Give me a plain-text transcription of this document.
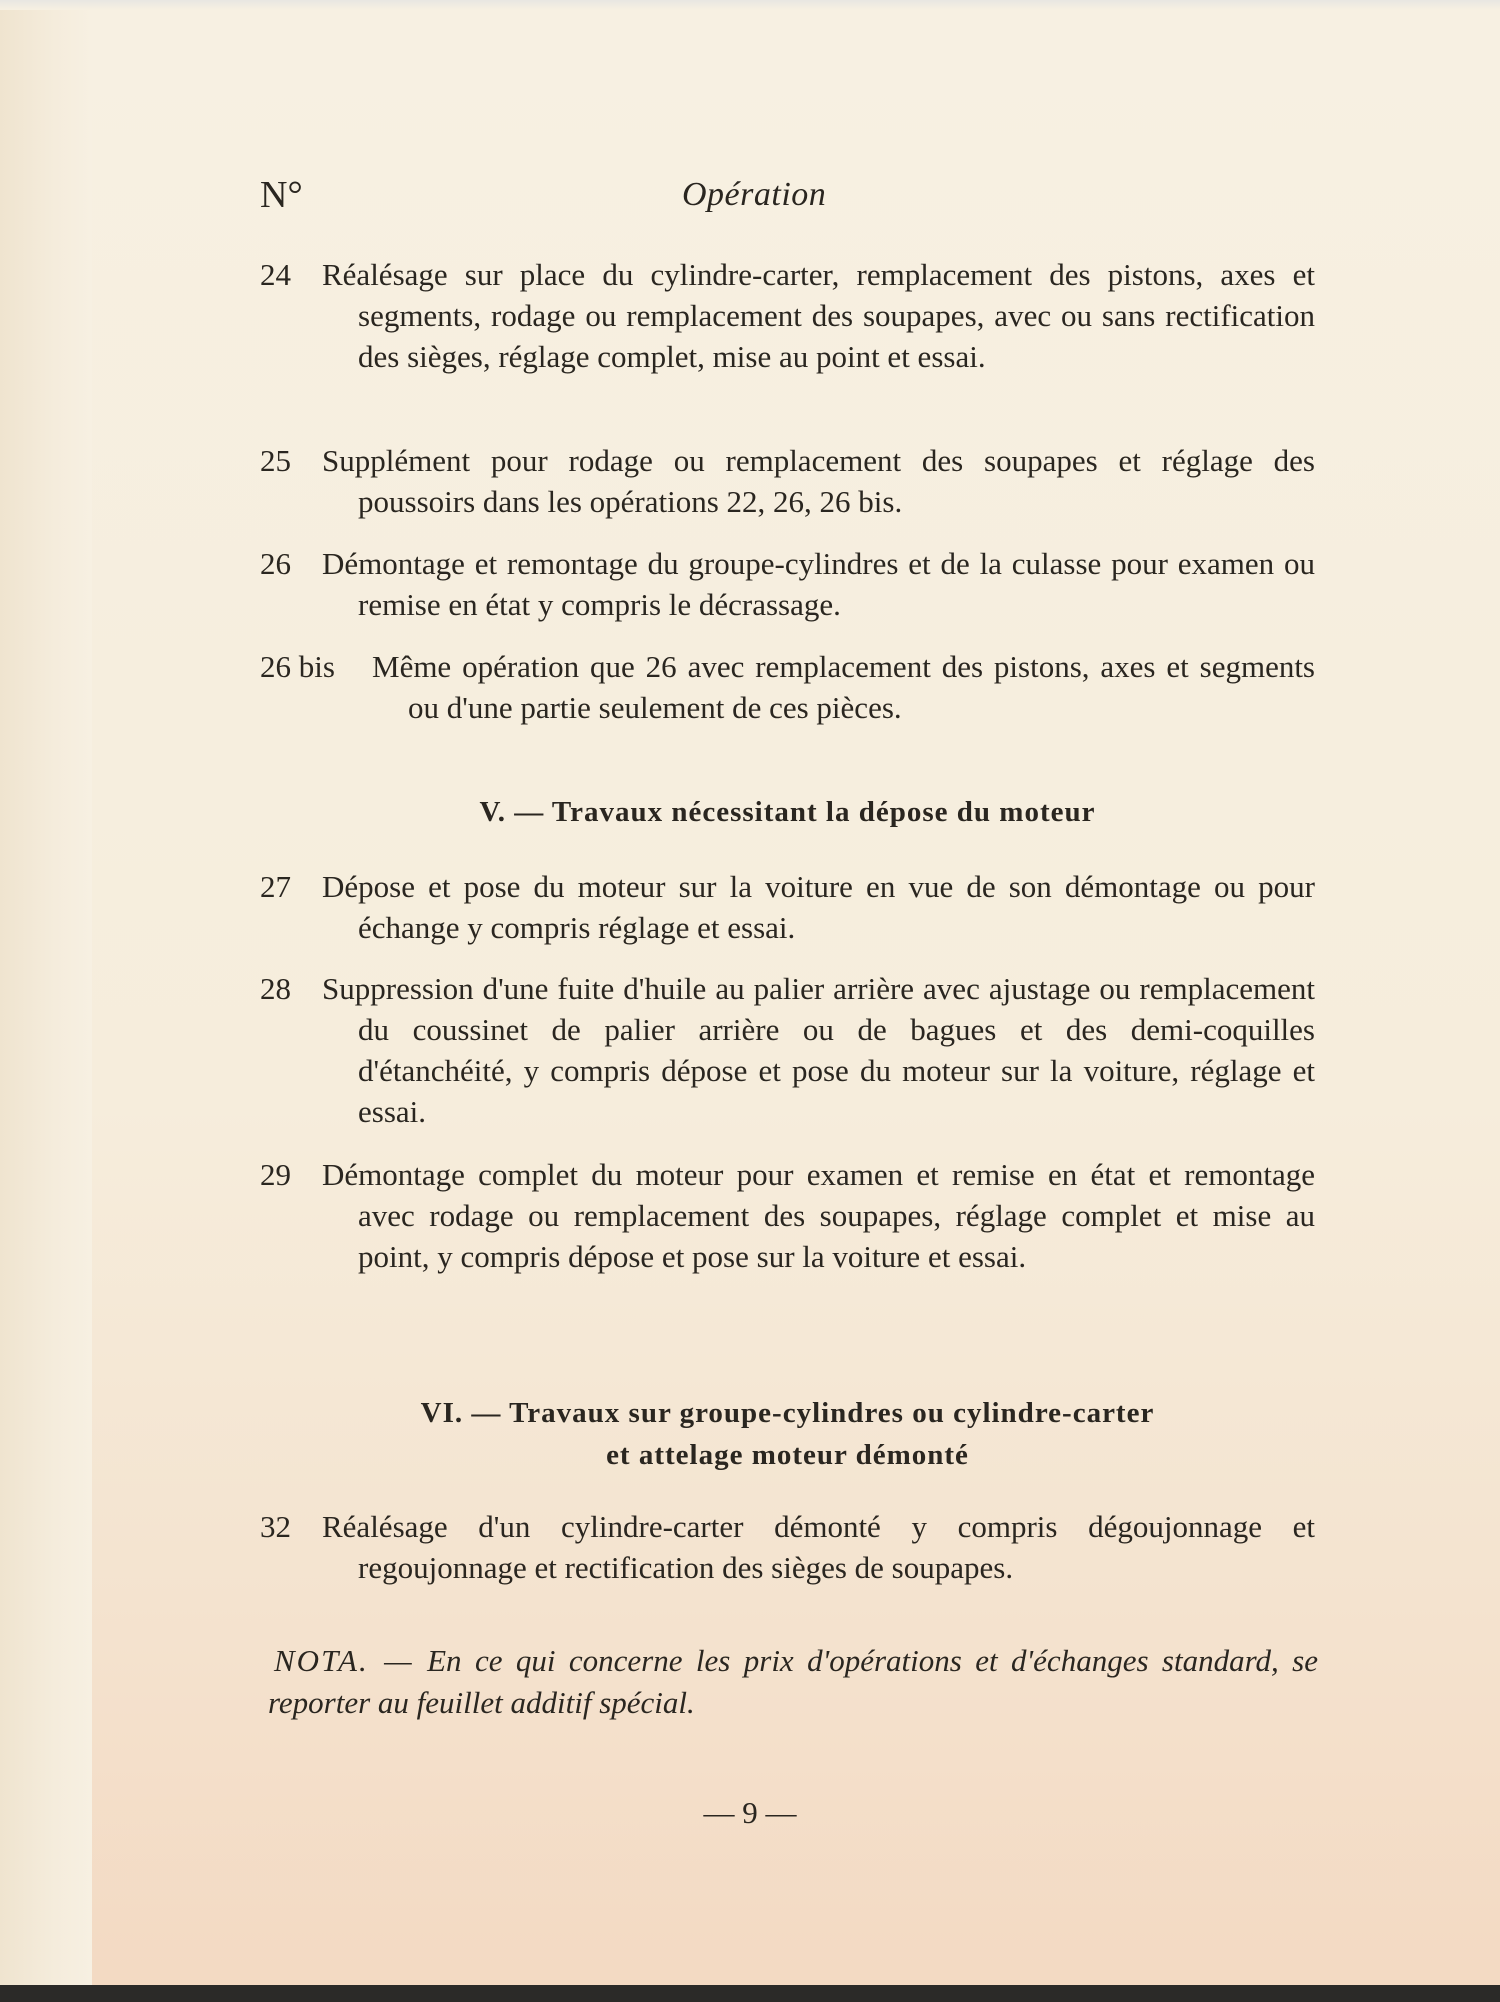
N°	Opération
24	Réalésage sur place du cylindre-carter, remplacement des pistons, axes et segments, rodage ou remplacement des soupapes, avec ou sans rectification des sièges, réglage complet, mise au point et essai.
25	Supplément pour rodage ou remplacement des soupapes et réglage des poussoirs dans les opérations 22, 26, 26 bis.
26	Démontage et remontage du groupe-cylindres et de la culasse pour examen ou remise en état y compris le décrassage.
26 bis	Même opération que 26 avec remplacement des pistons, axes et segments ou d'une partie seulement de ces pièces.
V. — Travaux nécessitant la dépose du moteur
27	Dépose et pose du moteur sur la voiture en vue de son démontage ou pour échange y compris réglage et essai.
28	Suppression d'une fuite d'huile au palier arrière avec ajustage ou remplacement du coussinet de palier arrière ou de bagues et des demi-coquilles d'étanchéité, y compris dépose et pose du moteur sur la voiture, réglage et essai.
29	Démontage complet du moteur pour examen et remise en état et remontage avec rodage ou remplacement des soupapes, réglage complet et mise au point, y compris dépose et pose sur la voiture et essai.
VI. — Travaux sur groupe-cylindres ou cylindre-carter
et attelage moteur démonté
32	Réalésage d'un cylindre-carter démonté y compris dégoujonnage et regoujonnage et rectification des sièges de soupapes.
NOTA. — En ce qui concerne les prix d'opérations et d'échanges standard, se reporter au feuillet additif spécial.
— 9 —
